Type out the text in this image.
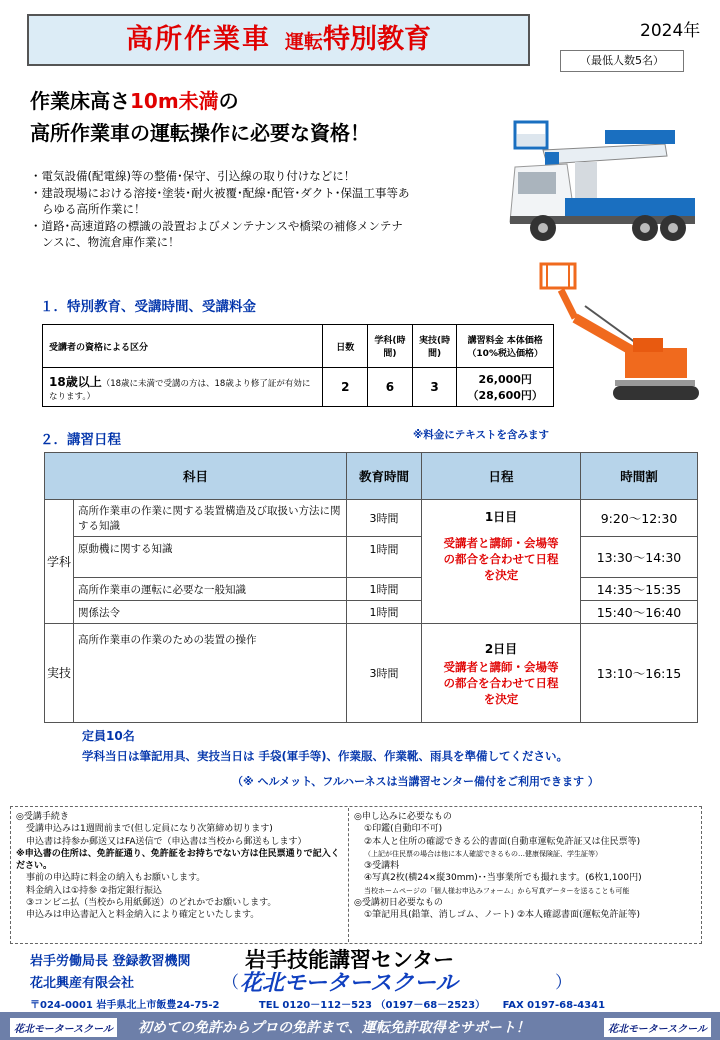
高所作業車 運転特別教育	2024年
（最低人数5名）
作業床高さ10m未満の
高所作業車の運転操作に必要な資格！
・電気設備(配電線)等の整備･保守、引込線の取り付けなどに！
・建設現場における溶接･塗装･耐火被覆･配線･配管･ダクト･保温工事等あらゆる高所作業に！
・道路･高速道路の標識の設置およびメンテナンスや橋梁の補修メンテナンスに、物流倉庫作業に！
１．特別教育、受講時間、受講料金
受講者の資格による区分	日数	学科(時間)	実技(時間)	講習料金 本体価格 （10%税込価格）
18歳以上（18歳に未満で受講の方は、18歳より修了証が有効になります。）	2	6	3	26,000円
（28,600円）
２．講習日程	※料金にテキストを含みます
科目		教育時間	日程	時間割
学科	高所作業車の作業に関する装置構造及び取扱い方法に関する知識	3時間	1日目
受講者と講師・会場等の都合を合わせて日程を決定	9:20～12:30
	原動機に関する知識	1時間		13:30～14:30
	高所作業車の運転に必要な一般知識	1時間		14:35～15:35
	関係法令	1時間		15:40～16:40
実技	高所作業車の作業のための装置の操作	3時間	2日目
受講者と講師・会場等の都合を合わせて日程を決定	13:10～16:15
定員10名
学科当日は筆記用具、実技当日は 手袋(軍手等)、作業服、作業靴、雨具を準備してください。
（※ ヘルメット、フルハーネスは当講習センター備付をご利用できます ）
◎受講手続き
受講申込みは1週間前まで(但し定員になり次第締め切ります)
申込書は持参か郵送又はFA送信で（申込書は当校から郵送もします）
※申込書の住所は、免許証通り、免許証をお持ちでない方は住民票通りで記入ください。
事前の申込時に料金の納入もお願いします。
料金納入は①持参 ②指定銀行振込
③コンビニ払（当校から用紙郵送）のどれかでお願いします。
申込みは申込書記入と料金納入により確定といたします。
◎申し込みに必要なもの
①印鑑(自動印不可)
②本人と住所の確認できる公的書面(自動車運転免許証又は住民票等)
（上記が住民票の場合は他に本人確認できるもの…健康保険証、学生証等）
③受講料
④写真2枚(横24×縦30mm)･･当事業所でも撮れます。(6枚1,100円)
当校ホームページの「個人様お申込みフォーム」から写真データーを送ることも可能
◎受講初日必要なもの
①筆記用具(鉛筆、消しゴム、ノート) ②本人確認書面(運転免許証等)
岩手労働局長 登録教習機関	岩手技能講習センター
花北興産有限会社	（ 花北モータースクール	）
〒024-0001 岩手県北上市飯豊24-75-2	TEL 0120－112－523 （0197－68－2523） FAX 0197-68-4341
花北モータースクール 初めての免許からプロの免許まで、運転免許取得をサポート！	花北モータースクール
